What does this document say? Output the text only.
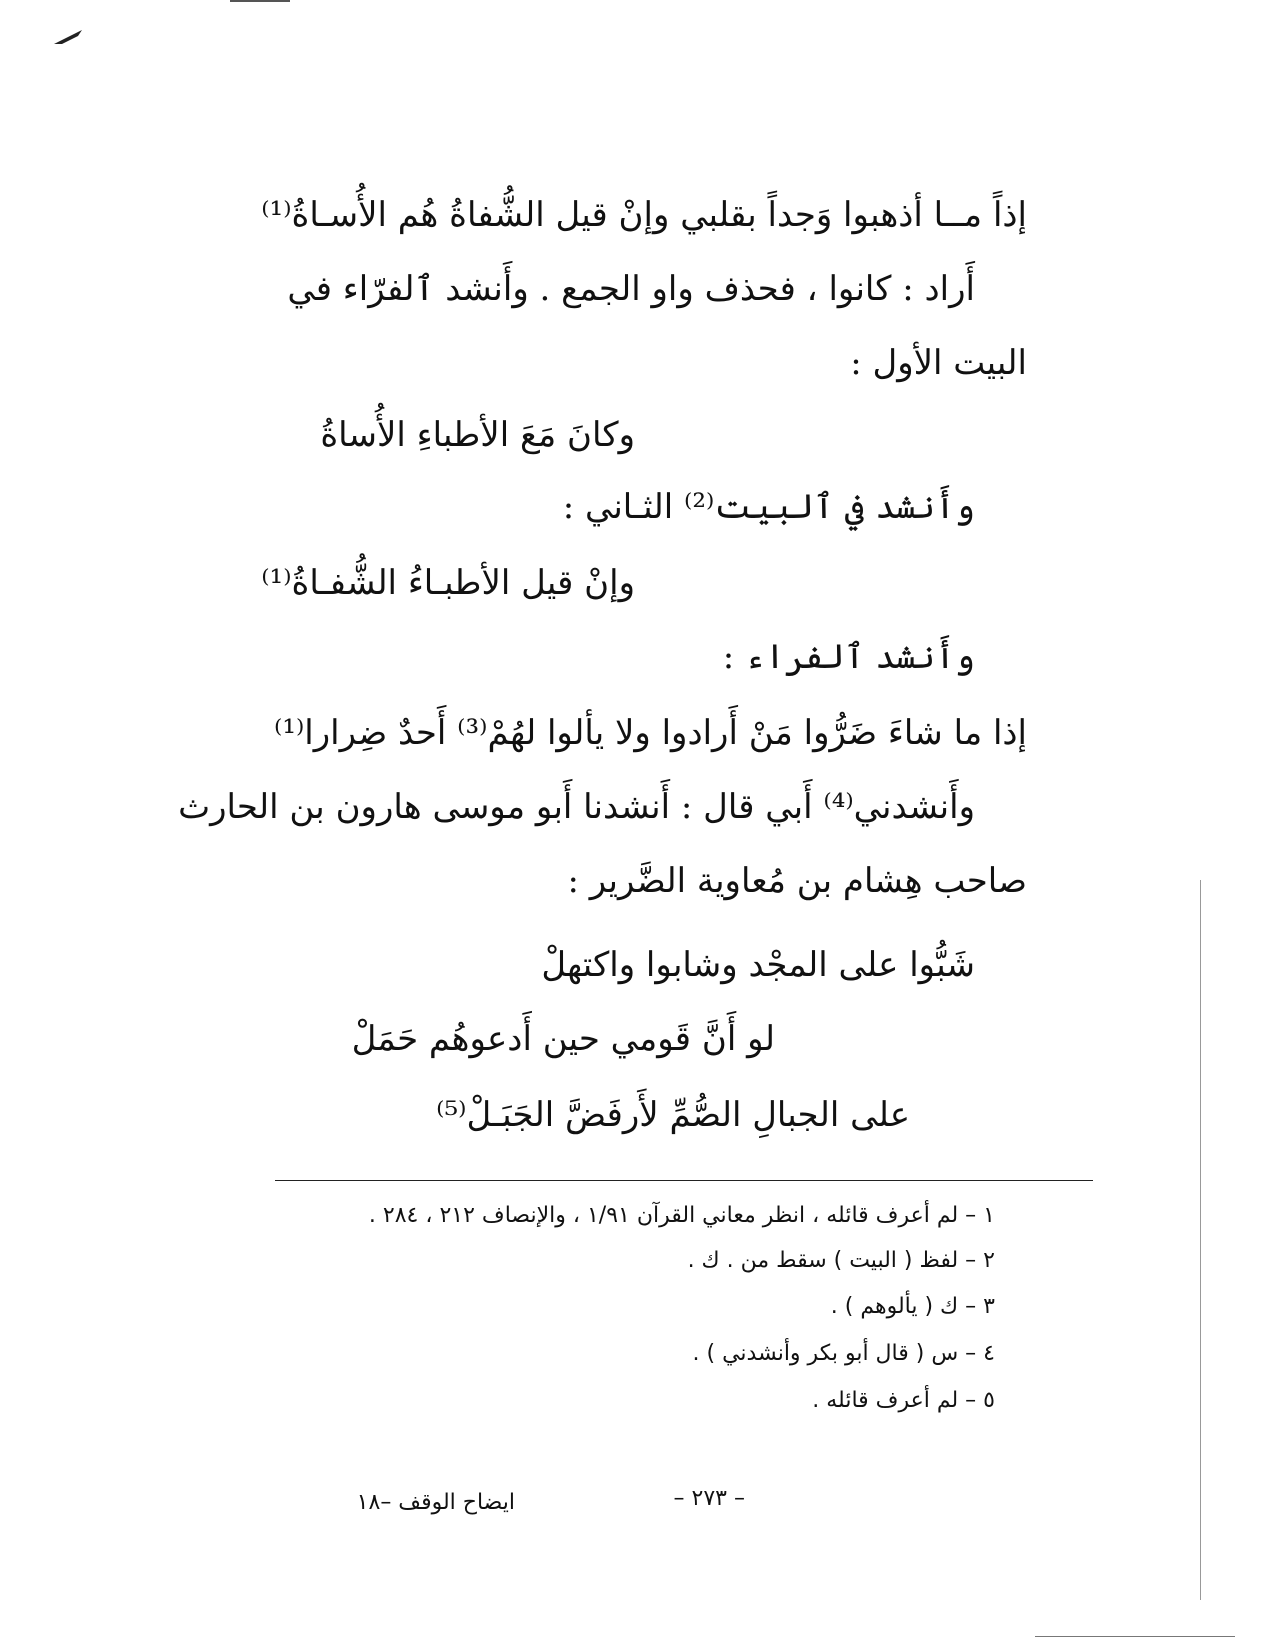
إذاً مــا أذهبوا وَجداً بقلبي وإنْ قيل الشُّفاةُ هُم الأُسـاةُ⁽¹⁾
أَراد : كانوا ، فحذف واو الجمع . وأَنشد ٱلفرّاء في
البيت الأول :
وكانَ مَعَ الأطباءِ الأُساةُ
وأَنشد في ٱلبيت⁽²⁾ الثـاني :
وإنْ قيل الأطبـاءُ الشُّفـاةُ⁽¹⁾
وأَنشد ٱلفراء :
إذا ما شاءَ ضَرُّوا مَنْ أَرادوا ولا يألوا لهُمْ⁽³⁾ أَحدٌ ضِرارا⁽¹⁾
وأَنشدني⁽⁴⁾ أَبي قال : أَنشدنا أَبو موسى هارون بن الحارث
صاحب هِشام بن مُعاوية الضَّرير :
شَبُّوا على المجْد وشابوا واكتهلْ
لو أَنَّ قَومي حين أَدعوهُم حَمَلْ
على الجبالِ الصُّمِّ لأَرفَضَّ الجَبَـلْ⁽⁵⁾
١ – لم أعرف قائله ، انظر معاني القرآن ١/٩١ ، والإنصاف ٢١٢ ، ٢٨٤ .
٢ – لفظ ( البيت ) سقط من . ك .
٣ – ك ( يألوهم ) .
٤ – س ( قال أبو بكر وأنشدني ) .
٥ – لم أعرف قائله .
– ٢٧٣ –
ايضاح الوقف –١٨
